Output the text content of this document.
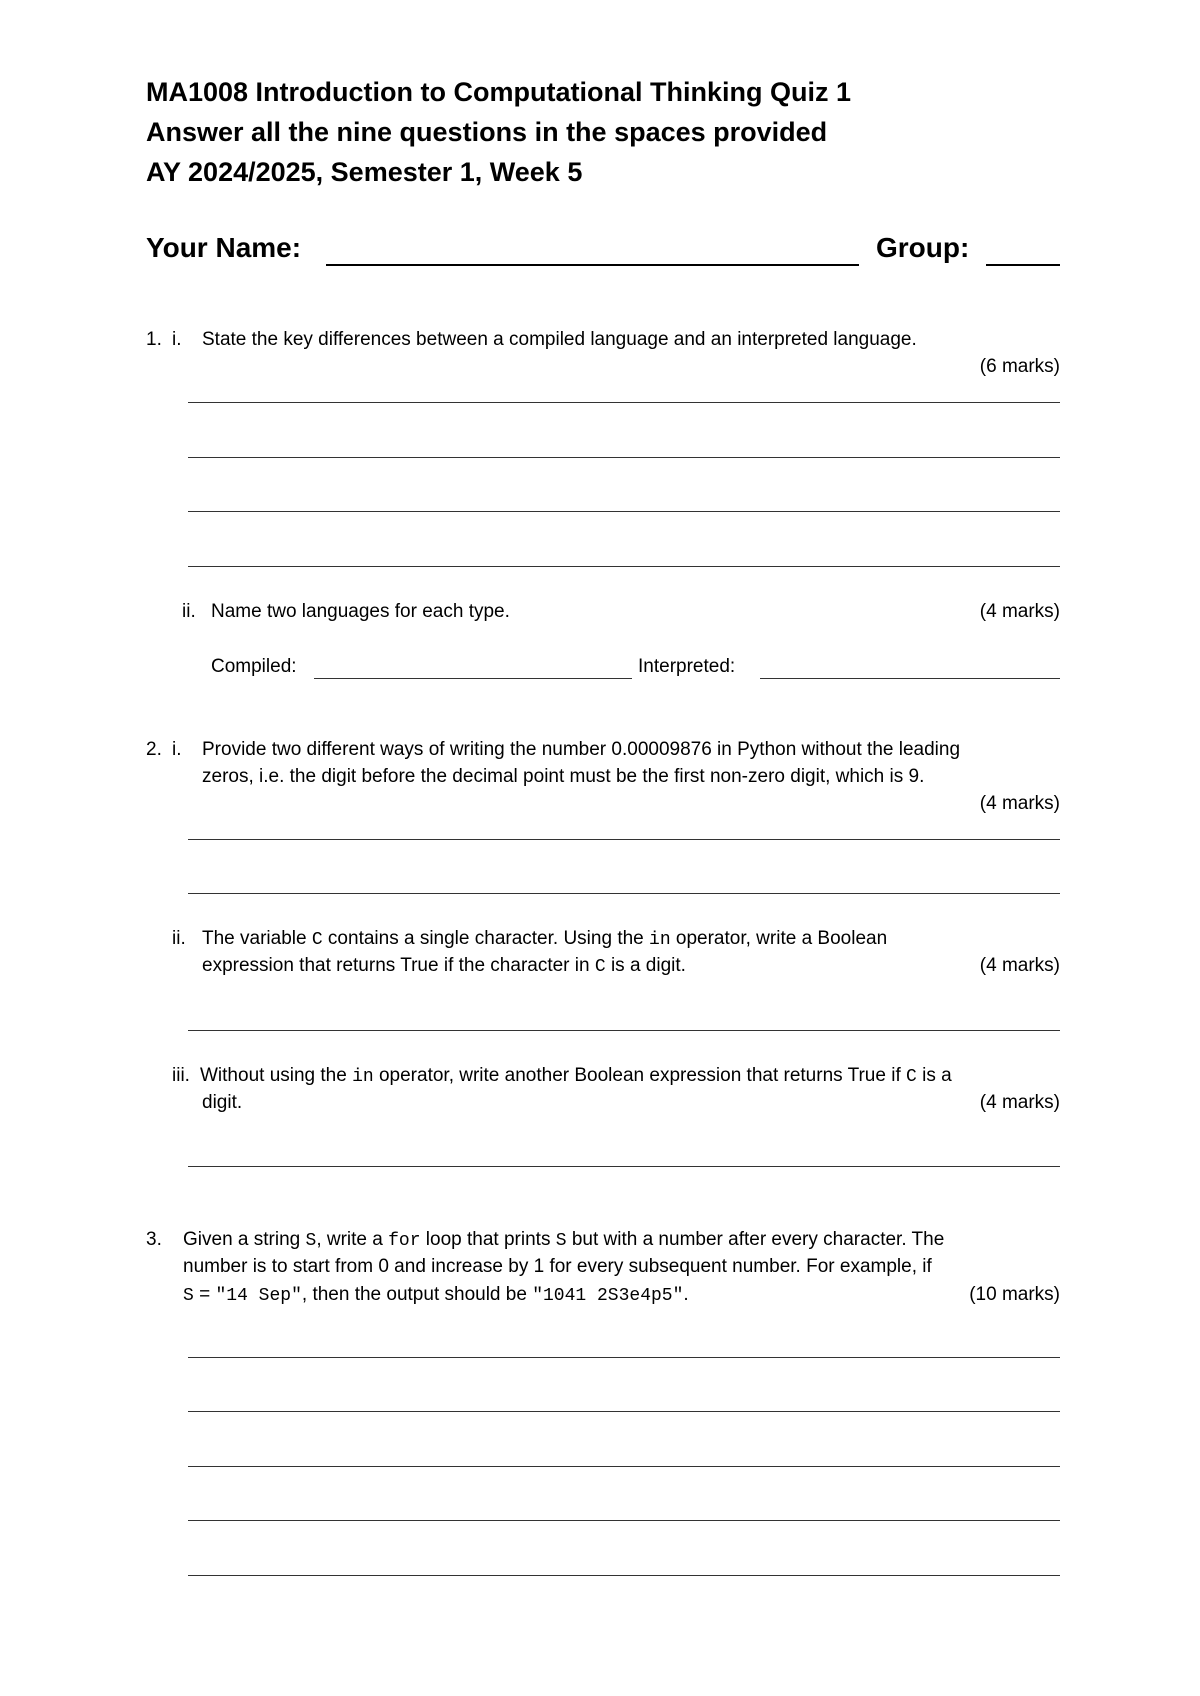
MA1008 Introduction to Computational Thinking Quiz 1
Answer all the nine questions in the spaces provided
AY 2024/2025, Semester 1, Week 5
Your Name:	Group:
1. i. State the key differences between a compiled language and an interpreted language.
(6 marks)
ii. Name two languages for each type.	(4 marks)
Compiled:	Interpreted:
2. i. Provide two different ways of writing the number 0.00009876 in Python without the leading
zeros, i.e. the digit before the decimal point must be the first non-zero digit, which is 9.
(4 marks)
ii. The variable C contains a single character. Using the in operator, write a Boolean
expression that returns True if the character in C is a digit.	(4 marks)
iii. Without using the in operator, write another Boolean expression that returns True if C is a
digit.	(4 marks)
3. Given a string S, write a for loop that prints S but with a number after every character. The
number is to start from 0 and increase by 1 for every subsequent number. For example, if
S = "14 Sep", then the output should be "1041 2S3e4p5".	(10 marks)
